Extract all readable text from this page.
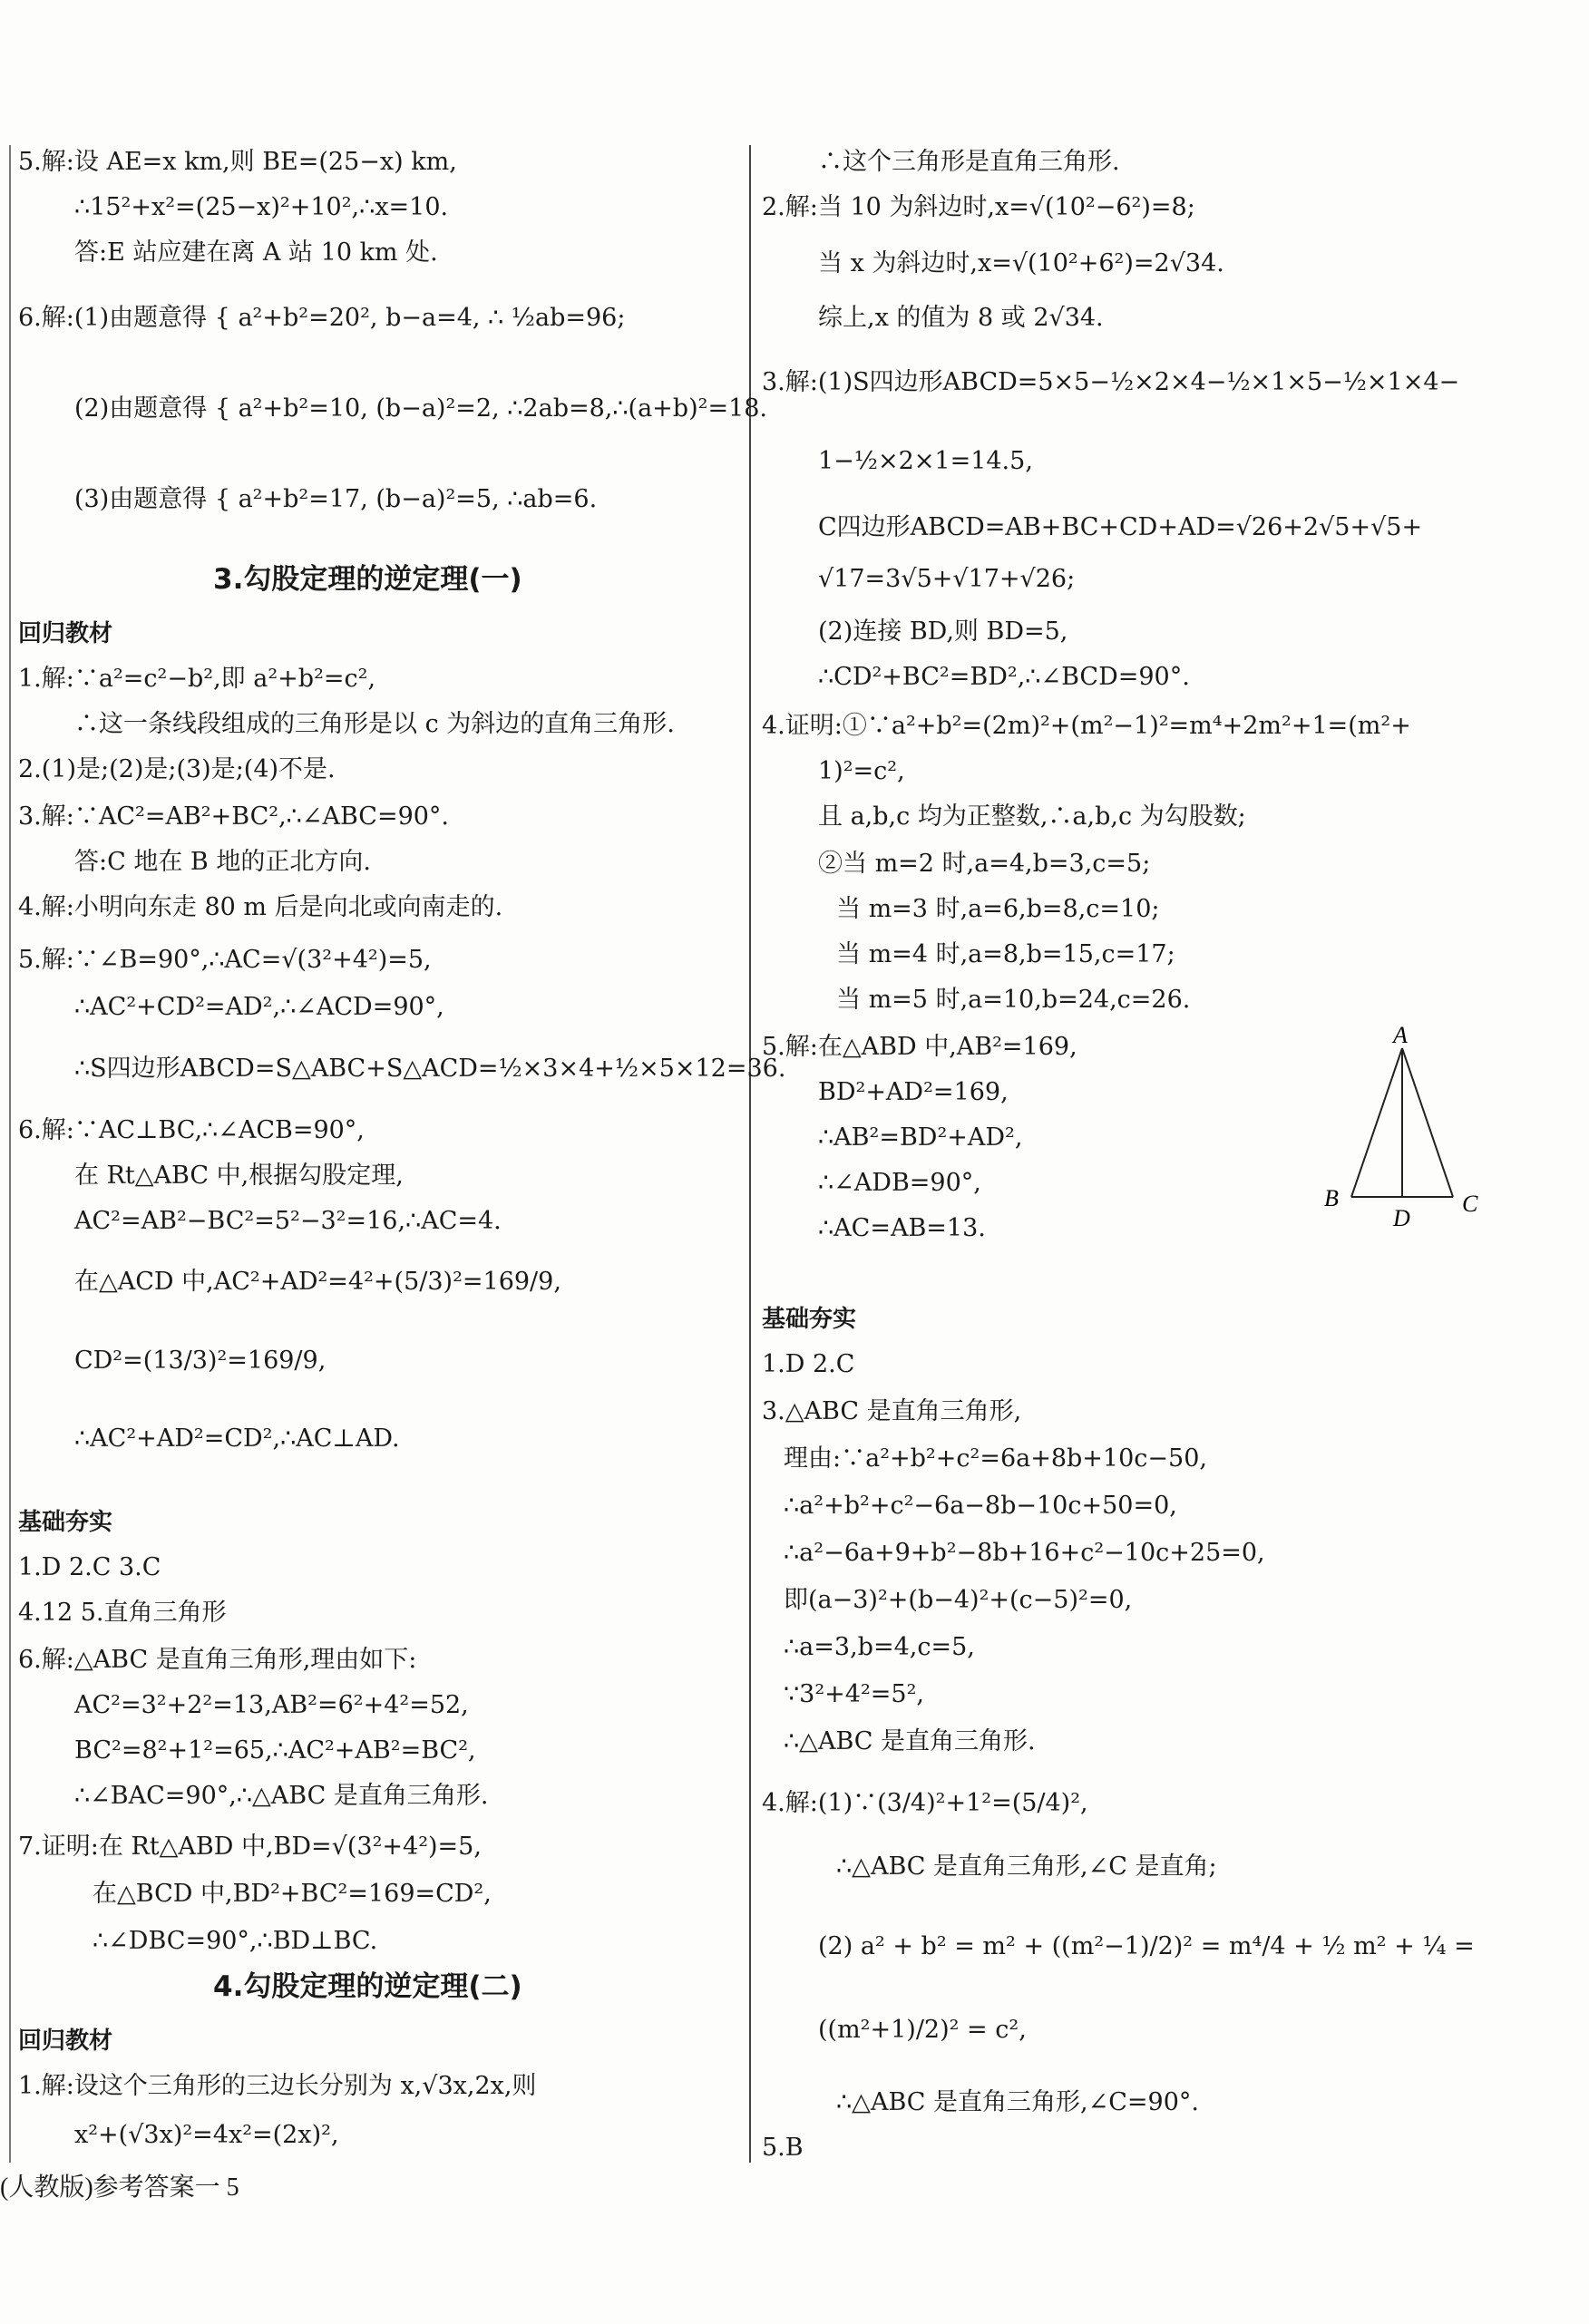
5.解:设 AE=x km,则 BE=(25−x) km,
∴15²+x²=(25−x)²+10²,∴x=10.
答:E 站应建在离 A 站 10 km 处.
6.解:(1)由题意得 { a²+b²=20², b−a=4, ∴ ½ab=96;
(2)由题意得 { a²+b²=10, (b−a)²=2, ∴2ab=8,∴(a+b)²=18.
(3)由题意得 { a²+b²=17, (b−a)²=5, ∴ab=6.
3.勾股定理的逆定理(一)
回归教材
1.解:∵a²=c²−b²,即 a²+b²=c²,
∴这一条线段组成的三角形是以 c 为斜边的直角三角形.
2.(1)是;(2)是;(3)是;(4)不是.
3.解:∵AC²=AB²+BC²,∴∠ABC=90°.
答:C 地在 B 地的正北方向.
4.解:小明向东走 80 m 后是向北或向南走的.
5.解:∵∠B=90°,∴AC=√(3²+4²)=5,
∴AC²+CD²=AD²,∴∠ACD=90°,
∴S四边形ABCD=S△ABC+S△ACD=½×3×4+½×5×12=36.
6.解:∵AC⊥BC,∴∠ACB=90°,
在 Rt△ABC 中,根据勾股定理,
AC²=AB²−BC²=5²−3²=16,∴AC=4.
在△ACD 中,AC²+AD²=4²+(5/3)²=169/9,
CD²=(13/3)²=169/9,
∴AC²+AD²=CD²,∴AC⊥AD.
基础夯实
1.D 2.C 3.C
4.12 5.直角三角形
6.解:△ABC 是直角三角形,理由如下:
AC²=3²+2²=13,AB²=6²+4²=52,
BC²=8²+1²=65,∴AC²+AB²=BC²,
∴∠BAC=90°,∴△ABC 是直角三角形.
7.证明:在 Rt△ABD 中,BD=√(3²+4²)=5,
在△BCD 中,BD²+BC²=169=CD²,
∴∠DBC=90°,∴BD⊥BC.
4.勾股定理的逆定理(二)
回归教材
1.解:设这个三角形的三边长分别为 x,√3x,2x,则
x²+(√3x)²=4x²=(2x)²,
∴这个三角形是直角三角形.
2.解:当 10 为斜边时,x=√(10²−6²)=8;
当 x 为斜边时,x=√(10²+6²)=2√34.
综上,x 的值为 8 或 2√34.
3.解:(1)S四边形ABCD=5×5−½×2×4−½×1×5−½×1×4−
1−½×2×1=14.5,
C四边形ABCD=AB+BC+CD+AD=√26+2√5+√5+
√17=3√5+√17+√26;
(2)连接 BD,则 BD=5,
∴CD²+BC²=BD²,∴∠BCD=90°.
4.证明:①∵a²+b²=(2m)²+(m²−1)²=m⁴+2m²+1=(m²+
1)²=c²,
且 a,b,c 均为正整数,∴a,b,c 为勾股数;
②当 m=2 时,a=4,b=3,c=5;
当 m=3 时,a=6,b=8,c=10;
当 m=4 时,a=8,b=15,c=17;
当 m=5 时,a=10,b=24,c=26.
5.解:在△ABD 中,AB²=169,
BD²+AD²=169,
∴AB²=BD²+AD²,
∴∠ADB=90°,
∴AC=AB=13.
基础夯实
1.D 2.C
3.△ABC 是直角三角形,
理由:∵a²+b²+c²=6a+8b+10c−50,
∴a²+b²+c²−6a−8b−10c+50=0,
∴a²−6a+9+b²−8b+16+c²−10c+25=0,
即(a−3)²+(b−4)²+(c−5)²=0,
∴a=3,b=4,c=5,
∵3²+4²=5²,
∴△ABC 是直角三角形.
4.解:(1)∵(3/4)²+1²=(5/4)²,
∴△ABC 是直角三角形,∠C 是直角;
(2) a² + b² = m² + ((m²−1)/2)² = m⁴/4 + ½ m² + ¼ =
((m²+1)/2)² = c²,
∴△ABC 是直角三角形,∠C=90°.
5.B
A
B	C
D
(人教版)参考答案一 5
